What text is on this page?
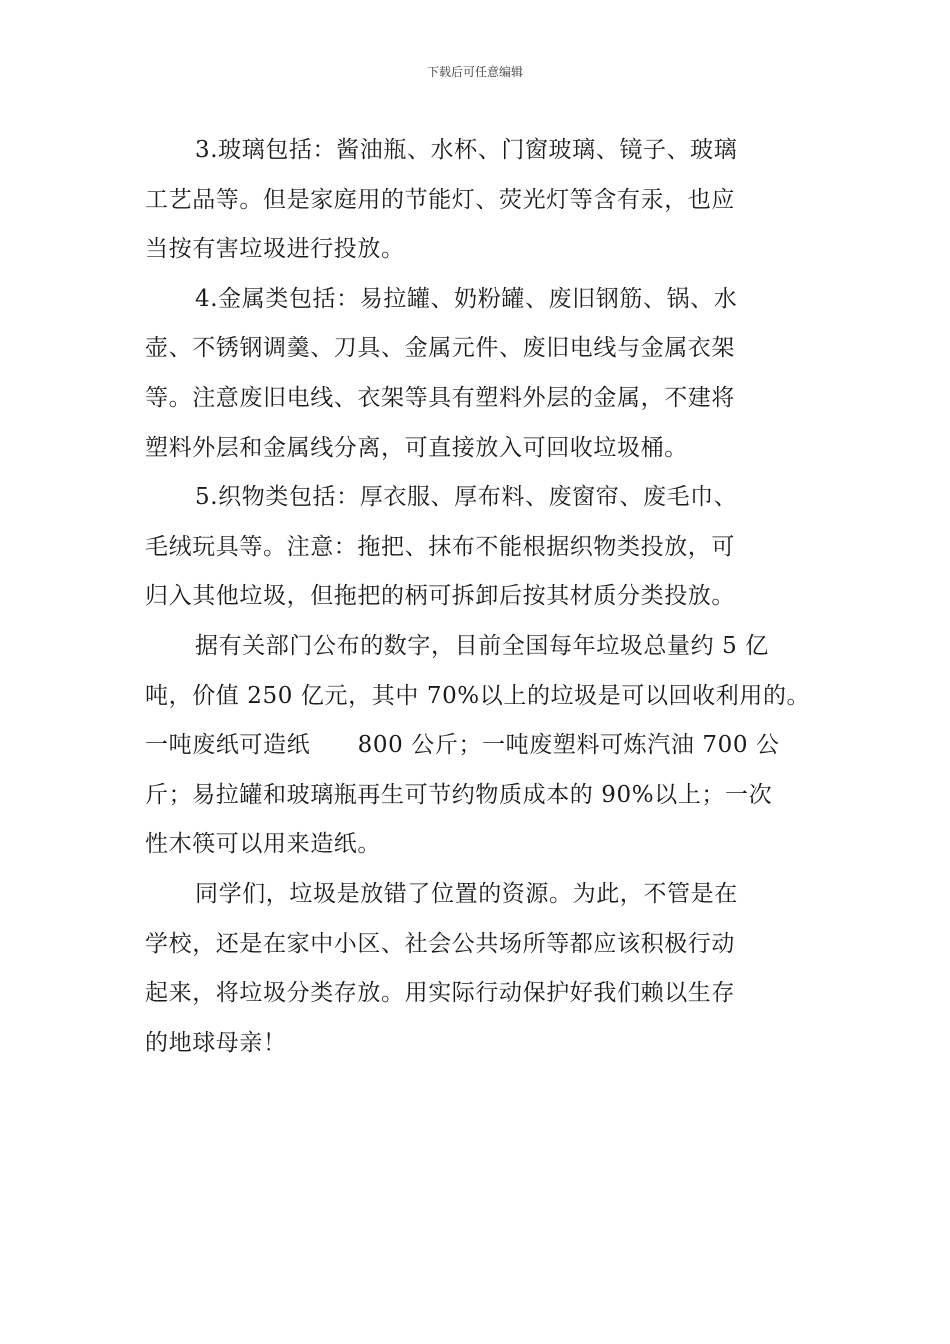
下载后可任意编辑
3.玻璃包括：酱油瓶、水杯、门窗玻璃、镜子、玻璃
工艺品等。但是家庭用的节能灯、荧光灯等含有汞，也应
当按有害垃圾进行投放。
4.金属类包括：易拉罐、奶粉罐、废旧钢筋、锅、水
壶、不锈钢调羹、刀具、金属元件、废旧电线与金属衣架
等。注意废旧电线、衣架等具有塑料外层的金属，不建将
塑料外层和金属线分离，可直接放入可回收垃圾桶。
5.织物类包括：厚衣服、厚布料、废窗帘、废毛巾、
毛绒玩具等。注意：拖把、抹布不能根据织物类投放，可
归入其他垃圾，但拖把的柄可拆卸后按其材质分类投放。
据有关部门公布的数字，目前全国每年垃圾总量约 5 亿
吨，价值 250 亿元，其中 70%以上的垃圾是可以回收利用的。
一吨废纸可造纸      800 公斤；一吨废塑料可炼汽油 700 公
斤；易拉罐和玻璃瓶再生可节约物质成本的 90%以上；一次
性木筷可以用来造纸。
同学们，垃圾是放错了位置的资源。为此，不管是在
学校，还是在家中小区、社会公共场所等都应该积极行动
起来，将垃圾分类存放。用实际行动保护好我们赖以生存
的地球母亲！
